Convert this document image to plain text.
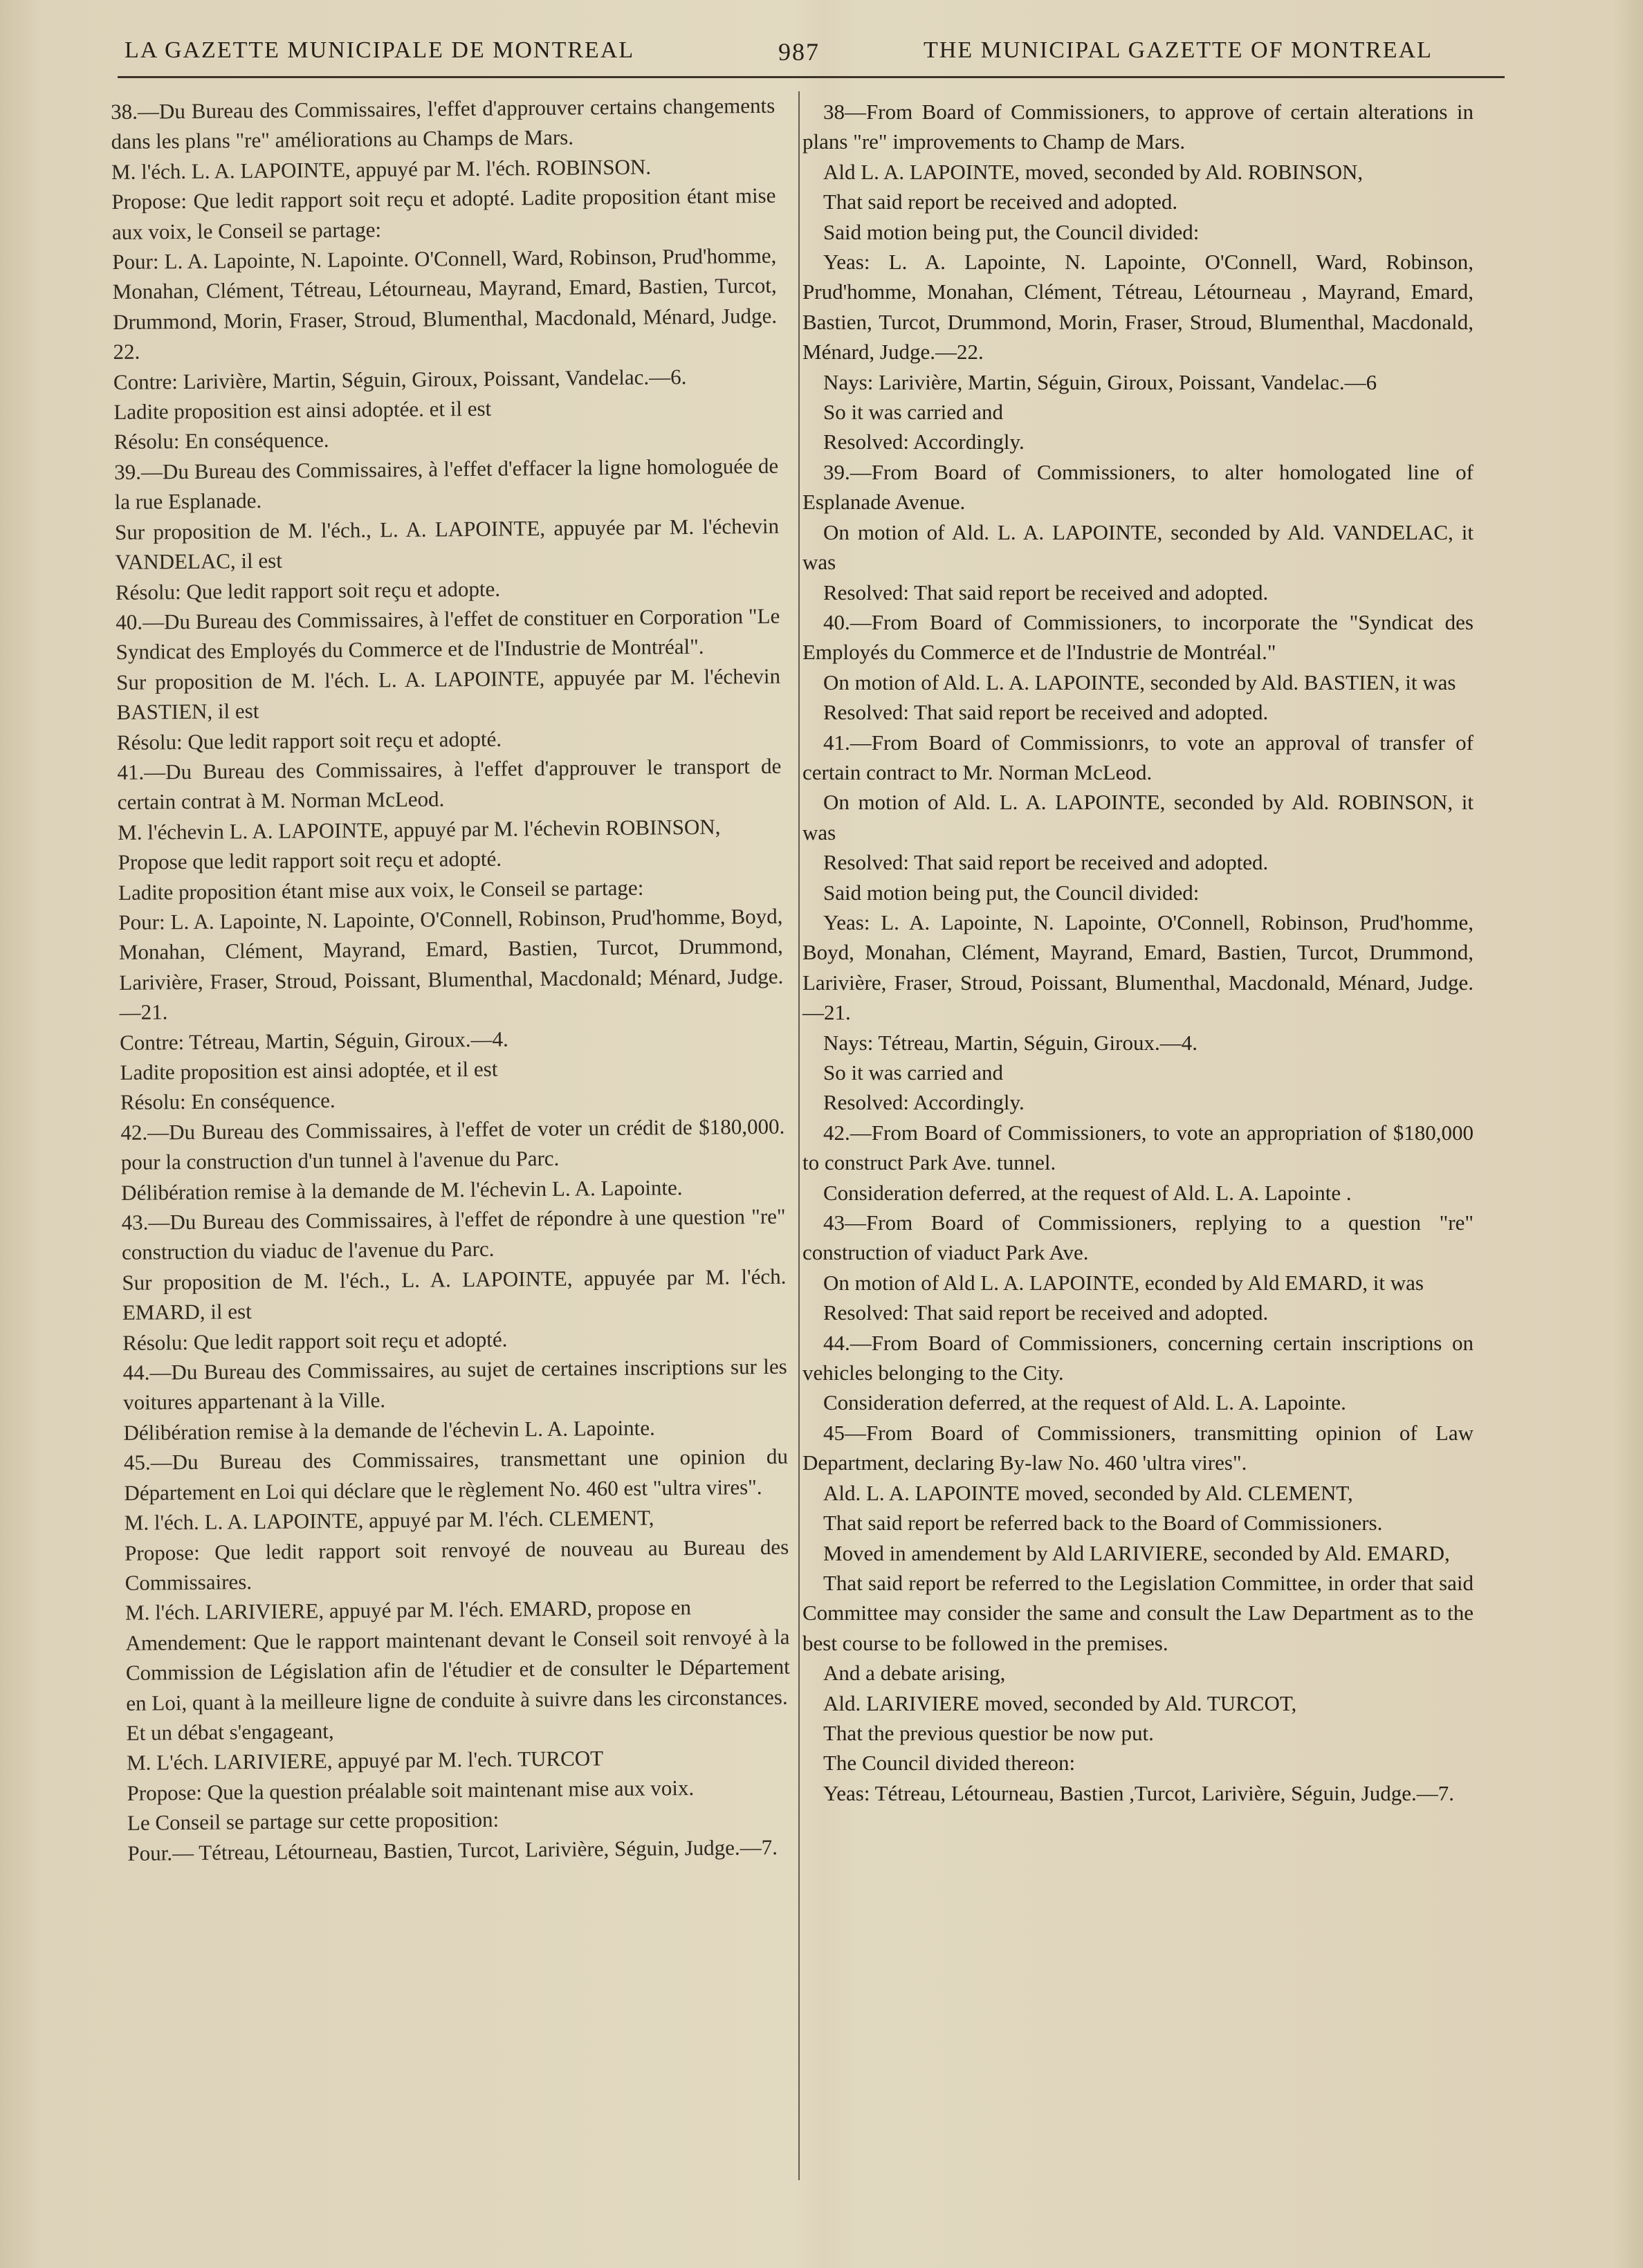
LA GAZETTE MUNICIPALE DE MONTREAL	987	THE MUNICIPAL GAZETTE OF MONTREAL

38.—Du Bureau des Commissaires, l'effet d'approuver certains changements dans les plans "re" améliorations au Champs de Mars.

M. l'éch. L. A. LAPOINTE, appuyé par M. l'éch. ROBINSON.

Propose: Que ledit rapport soit reçu et adopté. Ladite proposition étant mise aux voix, le Conseil se partage:

Pour: L. A. Lapointe, N. Lapointe. O'Connell, Ward, Robinson, Prud'homme, Monahan, Clément, Tétreau, Létourneau, Mayrand, Emard, Bastien, Turcot, Drummond, Morin, Fraser, Stroud, Blumenthal, Macdonald, Ménard, Judge. 22.

Contre: Larivière, Martin, Séguin, Giroux, Poissant, Vandelac.—6.

Ladite proposition est ainsi adoptée. et il est

Résolu: En conséquence.

39.—Du Bureau des Commissaires, à l'effet d'effacer la ligne homologuée de la rue Esplanade.

Sur proposition de M. l'éch., L. A. LAPOINTE, appuyée par M. l'échevin VANDELAC, il est

Résolu: Que ledit rapport soit reçu et adopte.

40.—Du Bureau des Commissaires, à l'effet de constituer en Corporation "Le Syndicat des Employés du Commerce et de l'Industrie de Montréal".

Sur proposition de M. l'éch. L. A. LAPOINTE, appuyée par M. l'échevin BASTIEN, il est

Résolu: Que ledit rapport soit reçu et adopté.

41.—Du Bureau des Commissaires, à l'effet d'approuver le transport de certain contrat à M. Norman McLeod.

M. l'échevin L. A. LAPOINTE, appuyé par M. l'échevin ROBINSON,

Propose que ledit rapport soit reçu et adopté.

Ladite proposition étant mise aux voix, le Conseil se partage:

Pour: L. A. Lapointe, N. Lapointe, O'Connell, Robinson, Prud'homme, Boyd, Monahan, Clément, Mayrand, Emard, Bastien, Turcot, Drummond, Larivière, Fraser, Stroud, Poissant, Blumenthal, Macdonald; Ménard, Judge.—21.

Contre: Tétreau, Martin, Séguin, Giroux.—4.

Ladite proposition est ainsi adoptée, et il est

Résolu: En conséquence.

42.—Du Bureau des Commissaires, à l'effet de voter un crédit de $180,000. pour la construction d'un tunnel à l'avenue du Parc.

Délibération remise à la demande de M. l'échevin L. A. Lapointe.

43.—Du Bureau des Commissaires, à l'effet de répondre à une question "re" construction du viaduc de l'avenue du Parc.

Sur proposition de M. l'éch., L. A. LAPOINTE, appuyée par M. l'éch. EMARD, il est

Résolu: Que ledit rapport soit reçu et adopté.

44.—Du Bureau des Commissaires, au sujet de certaines inscriptions sur les voitures appartenant à la Ville.

Délibération remise à la demande de l'échevin L. A. Lapointe.

45.—Du Bureau des Commissaires, transmettant une opinion du Département en Loi qui déclare que le règlement No. 460 est "ultra vires".

M. l'éch. L. A. LAPOINTE, appuyé par M. l'éch. CLEMENT,

Propose: Que ledit rapport soit renvoyé de nouveau au Bureau des Commissaires.

M. l'éch. LARIVIERE, appuyé par M. l'éch. EMARD, propose en

Amendement: Que le rapport maintenant devant le Conseil soit renvoyé à la Commission de Législation afin de l'étudier et de consulter le Département en Loi, quant à la meilleure ligne de conduite à suivre dans les circonstances.

Et un débat s'engageant,

M. L'éch. LARIVIERE, appuyé par M. l'ech. TURCOT

Propose: Que la question préalable soit maintenant mise aux voix.

Le Conseil se partage sur cette proposition:

Pour.— Tétreau, Létourneau, Bastien, Turcot, Larivière, Séguin, Judge.—7.

38—From Board of Commissioners, to approve of certain alterations in plans "re" improvements to Champ de Mars.

Ald L. A. LAPOINTE, moved, seconded by Ald. ROBINSON,

That said report be received and adopted.

Said motion being put, the Council divided:

Yeas: L. A. Lapointe, N. Lapointe, O'Connell, Ward, Robinson, Prud'homme, Monahan, Clément, Tétreau, Létourneau , Mayrand, Emard, Bastien, Turcot, Drummond, Morin, Fraser, Stroud, Blumenthal, Macdonald, Ménard, Judge.—22.

Nays: Larivière, Martin, Séguin, Giroux, Poissant, Vandelac.—6

So it was carried and

Resolved: Accordingly.

39.—From Board of Commissioners, to alter homologated line of Esplanade Avenue.

On motion of Ald. L. A. LAPOINTE, seconded by Ald. VANDELAC, it was

Resolved: That said report be received and adopted.

40.—From Board of Commissioners, to incorporate the "Syndicat des Employés du Commerce et de l'Industrie de Montréal."

On motion of Ald. L. A. LAPOINTE, seconded by Ald. BASTIEN, it was

Resolved: That said report be received and adopted.

41.—From Board of Commissionrs, to vote an approval of transfer of certain contract to Mr. Norman McLeod.

On motion of Ald. L. A. LAPOINTE, seconded by Ald. ROBINSON, it was

Resolved: That said report be received and adopted.

Said motion being put, the Council divided:

Yeas: L. A. Lapointe, N. Lapointe, O'Connell, Robinson, Prud'homme, Boyd, Monahan, Clément, Mayrand, Emard, Bastien, Turcot, Drummond, Larivière, Fraser, Stroud, Poissant, Blumenthal, Macdonald, Ménard, Judge.—21.

Nays: Tétreau, Martin, Séguin, Giroux.—4.

So it was carried and

Resolved: Accordingly.

42.—From Board of Commissioners, to vote an appropriation of $180,000 to construct Park Ave. tunnel.

Consideration deferred, at the request of Ald. L. A. Lapointe .

43—From Board of Commissioners, replying to a question "re" construction of viaduct Park Ave.

On motion of Ald L. A. LAPOINTE, econded by Ald EMARD, it was

Resolved: That said report be received and adopted.

44.—From Board of Commissioners, concerning certain inscriptions on vehicles belonging to the City.

Consideration deferred, at the request of Ald. L. A. Lapointe.

45—From Board of Commissioners, transmitting opinion of Law Department, declaring By-law No. 460 'ultra vires".

Ald. L. A. LAPOINTE moved, seconded by Ald. CLEMENT,

That said report be referred back to the Board of Commissioners.

Moved in amendement by Ald LARIVIERE, seconded by Ald. EMARD,

That said report be referred to the Legislation Committee, in order that said Committee may consider the same and consult the Law Department as to the best course to be followed in the premises.

And a debate arising,

Ald. LARIVIERE moved, seconded by Ald. TURCOT,

That the previous questior be now put.

The Council divided thereon:

Yeas: Tétreau, Létourneau, Bastien ,Turcot, Larivière, Séguin, Judge.—7.
